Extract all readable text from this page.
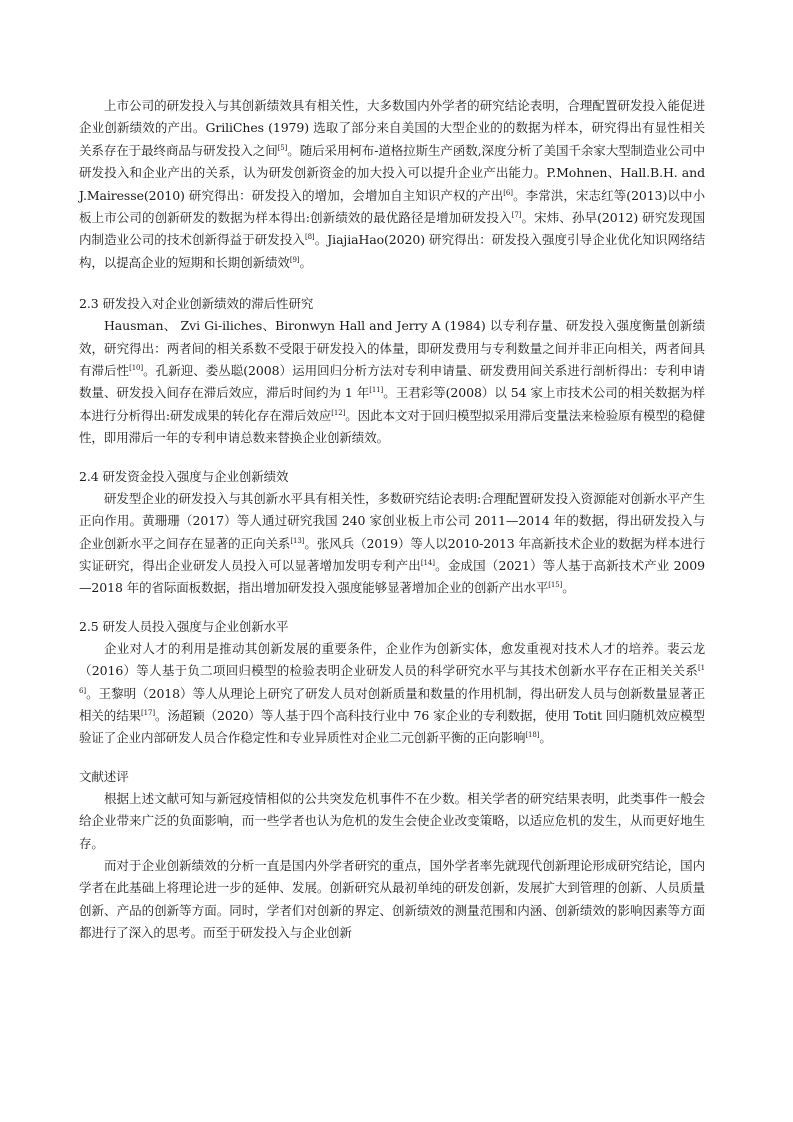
上市公司的研发投入与其创新绩效具有相关性，大多数国内外学者的研究结论表明，合理配置研发投入能促进企业创新绩效的产出。GriliChes (1979) 选取了部分来自美国的大型企业的的数据为样本，研究得出有显性相关关系存在于最终商品与研发投入之间[5]。随后采用柯布-道格拉斯生产函数,深度分析了美国千余家大型制造业公司中研发投入和企业产出的关系，认为研发创新资金的加大投入可以提升企业产出能力。P.Mohnen、Hall.B.H. and J.Mairesse(2010) 研究得出：研发投入的增加，会增加自主知识产权的产出[6]。李常洪，宋志红等(2013)以中小板上市公司的创新研发的数据为样本得出:创新绩效的最优路径是增加研发投入[7]。宋炜、孙早(2012) 研究发现国内制造业公司的技术创新得益于研发投入[8]。JiajiaHao(2020) 研究得出：研发投入强度引导企业优化知识网络结构，以提高企业的短期和长期创新绩效[9]。

2.3 研发投入对企业创新绩效的滞后性研究

Hausman、 Zvi Gi-iliches、Bironwyn Hall and Jerry A (1984) 以专利存量、研发投入强度衡量创新绩效，研究得出：两者间的相关系数不受限于研发投入的体量，即研发费用与专利数量之间并非正向相关，两者间具有滞后性[10]。孔新迎、娄丛聪(2008）运用回归分析方法对专利申请量、研发费用间关系进行剖析得出：专利申请数量、研发投入间存在滞后效应，滞后时间约为 1 年[11]。王君彩等(2008）以 54 家上市技术公司的相关数据为样本进行分析得出:研发成果的转化存在滞后效应[12]。因此本文对于回归模型拟采用滞后变量法来检验原有模型的稳健性，即用滞后一年的专利申请总数来替换企业创新绩效。

2.4 研发资金投入强度与企业创新绩效

研发型企业的研发投入与其创新水平具有相关性，多数研究结论表明:合理配置研发投入资源能对创新水平产生正向作用。黄珊珊（2017）等人通过研究我国 240 家创业板上市公司 2011—2014 年的数据，得出研发投入与企业创新水平之间存在显著的正向关系[13]。张风兵（2019）等人以2010-2013 年高新技术企业的数据为样本进行实证研究，得出企业研发人员投入可以显著增加发明专利产出[14]。金成国（2021）等人基于高新技术产业 2009—2018 年的省际面板数据，指出增加研发投入强度能够显著增加企业的创新产出水平[15]。

2.5 研发人员投入强度与企业创新水平

企业对人才的利用是推动其创新发展的重要条件，企业作为创新实体，愈发重视对技术人才的培养。裴云龙（2016）等人基于负二项回归模型的检验表明企业研发人员的科学研究水平与其技术创新水平存在正相关关系[16]。王黎明（2018）等人从理论上研究了研发人员对创新质量和数量的作用机制，得出研发人员与创新数量显著正相关的结果[17]。汤超颖（2020）等人基于四个高科技行业中 76 家企业的专利数据，使用 Totit 回归随机效应模型验证了企业内部研发人员合作稳定性和专业异质性对企业二元创新平衡的正向影响[18]。

文献述评

根据上述文献可知与新冠疫情相似的公共突发危机事件不在少数。相关学者的研究结果表明，此类事件一般会给企业带来广泛的负面影响，而一些学者也认为危机的发生会使企业改变策略，以适应危机的发生，从而更好地生存。

而对于企业创新绩效的分析一直是国内外学者研究的重点，国外学者率先就现代创新理论形成研究结论，国内学者在此基础上将理论进一步的延伸、发展。创新研究从最初单纯的研发创新，发展扩大到管理的创新、人员质量创新、产品的创新等方面。同时，学者们对创新的界定、创新绩效的测量范围和内涵、创新绩效的影响因素等方面都进行了深入的思考。而至于研发投入与企业创新
